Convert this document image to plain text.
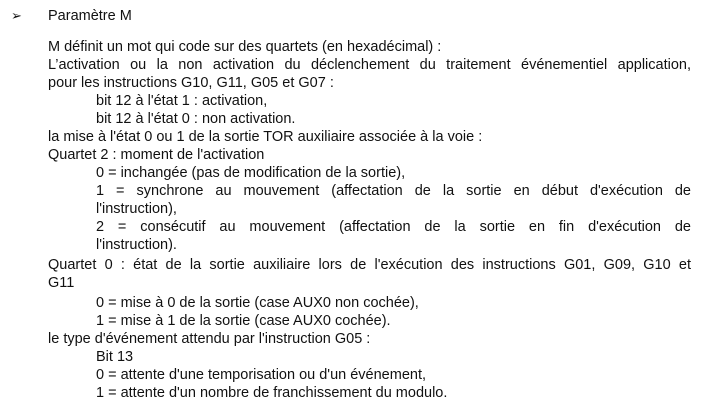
➢ Paramètre M
M définit un mot qui code sur des quartets (en hexadécimal) :
L’activation ou la non activation du déclenchement du traitement événementiel application,
pour les instructions G10, G11, G05 et G07 :
bit 12 à l'état 1 : activation,
bit 12 à l'état 0 : non activation.
la mise à l'état 0 ou 1 de la sortie TOR auxiliaire associée à la voie :
Quartet 2 : moment de l'activation
0 = inchangée (pas de modification de la sortie),
1 = synchrone au mouvement (affectation de la sortie en début d'exécution de
l'instruction),
2 = consécutif au mouvement (affectation de la sortie en fin d'exécution de
l'instruction).
Quartet 0 : état de la sortie auxiliaire lors de l'exécution des instructions G01, G09, G10 et
G11
0 = mise à 0 de la sortie (case AUX0 non cochée),
1 = mise à 1 de la sortie (case AUX0 cochée).
le type d'événement attendu par l'instruction G05 :
Bit 13
0 = attente d'une temporisation ou d'un événement,
1 = attente d'un nombre de franchissement du modulo.
